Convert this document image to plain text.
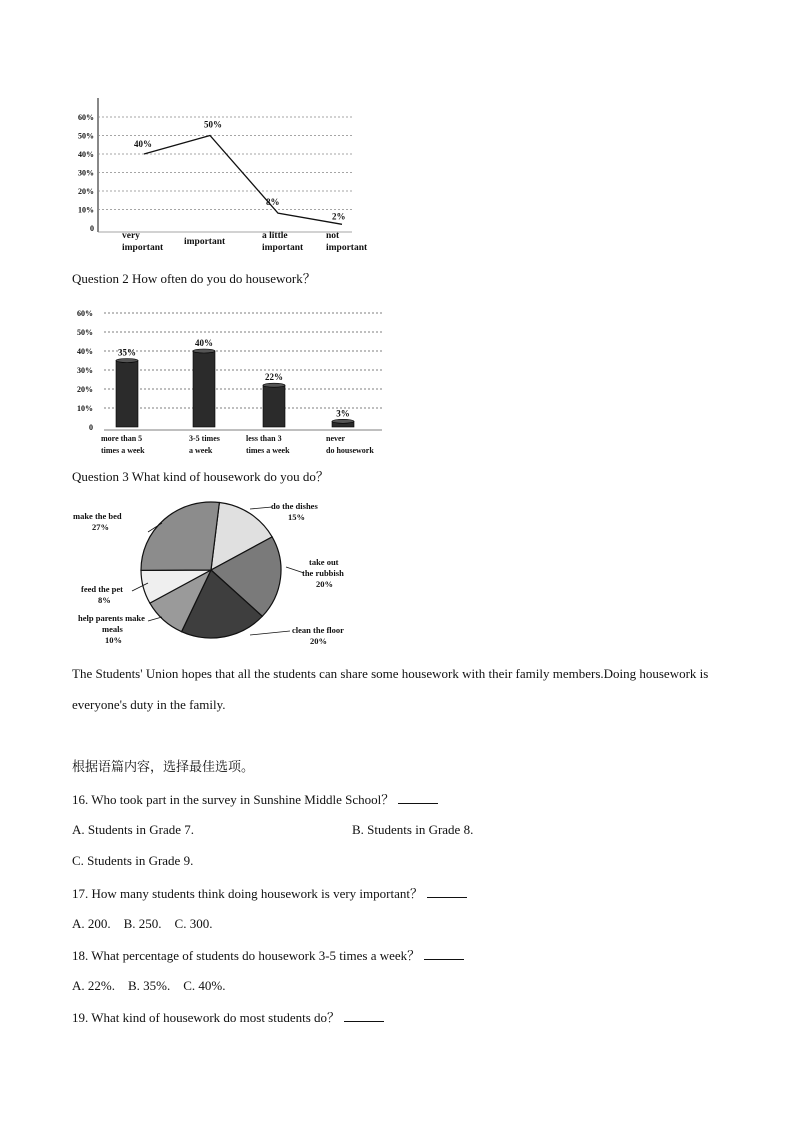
0
10%
20%
30%
40%
50%
60%
40%
50%
8%
2%
very
important
important
a little
important
not
important
Question 2 How often do you do housework？
0
10%
20%
30%
40%
50%
60%
35%
40%
22%
3%
more than 5
times a week
3-5 times
a week
less than 3
times a week
never
do housework
Question 3 What kind of housework do you do？
do the dishes
15%
take out
the rubbish
20%
clean the floor
20%
make the bed
27%
feed the pet
8%
help parents make
meals
10%
The Students' Union hopes that all the students can share some housework with their family members.Doing housework is everyone's duty in the family.
根据语篇内容，选择最佳选项。
16. Who took part in the survey in Sunshine Middle School？
A. Students in Grade 7.	B. Students in Grade 8.
C. Students in Grade 9.
17. How many students think doing housework is very important？
A. 200.    B. 250.    C. 300.
18. What percentage of students do housework 3-5 times a week？
A. 22%.    B. 35%.    C. 40%.
19. What kind of housework do most students do？
